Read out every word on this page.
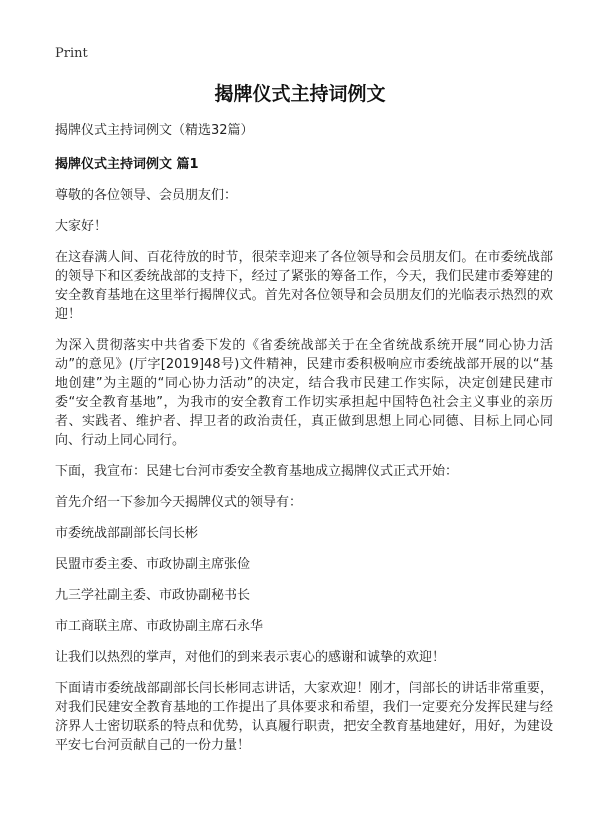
Print
揭牌仪式主持词例文

揭牌仪式主持词例文（精选32篇）

揭牌仪式主持词例文 篇1

尊敬的各位领导、会员朋友们：

大家好！

在这春满人间、百花待放的时节，很荣幸迎来了各位领导和会员朋友们。在市委统战部的领导下和区委统战部的支持下，经过了紧张的筹备工作，今天，我们民建市委筹建的安全教育基地在这里举行揭牌仪式。首先对各位领导和会员朋友们的光临表示热烈的欢迎！

为深入贯彻落实中共省委下发的《省委统战部关于在全省统战系统开展“同心协力活动”的意见》(厅字[2019]48号)文件精神，民建市委积极响应市委统战部开展的以“基地创建”为主题的“同心协力活动”的决定，结合我市民建工作实际，决定创建民建市委“安全教育基地”，为我市的安全教育工作切实承担起中国特色社会主义事业的亲历者、实践者、维护者、捍卫者的政治责任，真正做到思想上同心同德、目标上同心同向、行动上同心同行。

下面，我宣布：民建七台河市委安全教育基地成立揭牌仪式正式开始：

首先介绍一下参加今天揭牌仪式的领导有：

市委统战部副部长闫长彬

民盟市委主委、市政协副主席张俭

九三学社副主委、市政协副秘书长

市工商联主席、市政协副主席石永华

让我们以热烈的掌声，对他们的到来表示衷心的感谢和诚挚的欢迎！

下面请市委统战部副部长闫长彬同志讲话，大家欢迎！刚才，闫部长的讲话非常重要，对我们民建安全教育基地的工作提出了具体要求和希望，我们一定要充分发挥民建与经济界人士密切联系的特点和优势，认真履行职责，把安全教育基地建好，用好，为建设平安七台河贡献自己的一份力量！
